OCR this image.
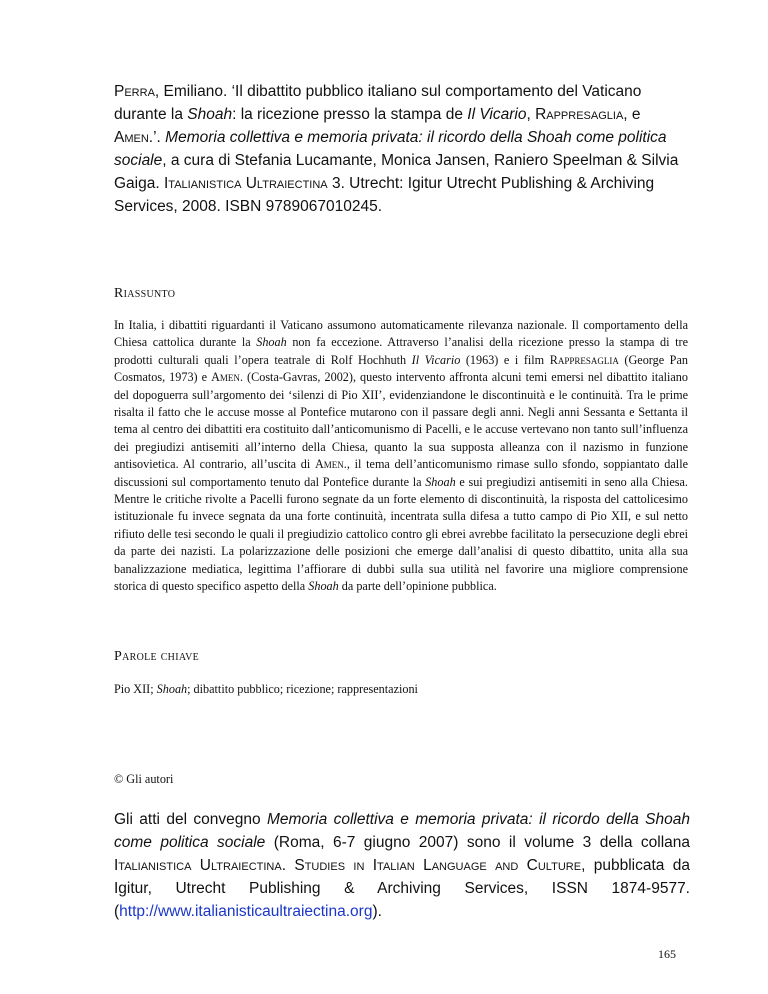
Perra, Emiliano. ‘Il dibattito pubblico italiano sul comportamento del Vaticano durante la Shoah: la ricezione presso la stampa de Il Vicario, Rappresaglia, e Amen.’. Memoria collettiva e memoria privata: il ricordo della Shoah come politica sociale, a cura di Stefania Lucamante, Monica Jansen, Raniero Speelman & Silvia Gaiga. Italianistica Ultraiectina 3. Utrecht: Igitur Utrecht Publishing & Archiving Services, 2008. ISBN 9789067010245.
Riassunto
In Italia, i dibattiti riguardanti il Vaticano assumono automaticamente rilevanza nazionale. Il comportamento della Chiesa cattolica durante la Shoah non fa eccezione. Attraverso l’analisi della ricezione presso la stampa di tre prodotti culturali quali l’opera teatrale di Rolf Hochhuth Il Vicario (1963) e i film Rappresaglia (George Pan Cosmatos, 1973) e Amen. (Costa-Gavras, 2002), questo intervento affronta alcuni temi emersi nel dibattito italiano del dopoguerra sull’argomento dei ‘silenzi di Pio XII’, evidenziandone le discontinuità e le continuità. Tra le prime risalta il fatto che le accuse mosse al Pontefice mutarono con il passare degli anni. Negli anni Sessanta e Settanta il tema al centro dei dibattiti era costituito dall’anticomunismo di Pacelli, e le accuse vertevano non tanto sull’influenza dei pregiudizi antisemiti all’interno della Chiesa, quanto la sua supposta alleanza con il nazismo in funzione antisovietica. Al contrario, all’uscita di Amen., il tema dell’anticomunismo rimase sullo sfondo, soppiantato dalle discussioni sul comportamento tenuto dal Pontefice durante la Shoah e sui pregiudizi antisemiti in seno alla Chiesa. Mentre le critiche rivolte a Pacelli furono segnate da un forte elemento di discontinuità, la risposta del cattolicesimo istituzionale fu invece segnata da una forte continuità, incentrata sulla difesa a tutto campo di Pio XII, e sul netto rifiuto delle tesi secondo le quali il pregiudizio cattolico contro gli ebrei avrebbe facilitato la persecuzione degli ebrei da parte dei nazisti. La polarizzazione delle posizioni che emerge dall’analisi di questo dibattito, unita alla sua banalizzazione mediatica, legittima l’affiorare di dubbi sulla sua utilità nel favorire una migliore comprensione storica di questo specifico aspetto della Shoah da parte dell’opinione pubblica.
Parole chiave
Pio XII; Shoah; dibattito pubblico; ricezione; rappresentazioni
© Gli autori
Gli atti del convegno Memoria collettiva e memoria privata: il ricordo della Shoah come politica sociale (Roma, 6-7 giugno 2007) sono il volume 3 della collana Italianistica Ultraiectina. Studies in Italian Language and Culture, pubblicata da Igitur, Utrecht Publishing & Archiving Services, ISSN 1874-9577. (http://www.italianisticaultraiectina.org).
165
